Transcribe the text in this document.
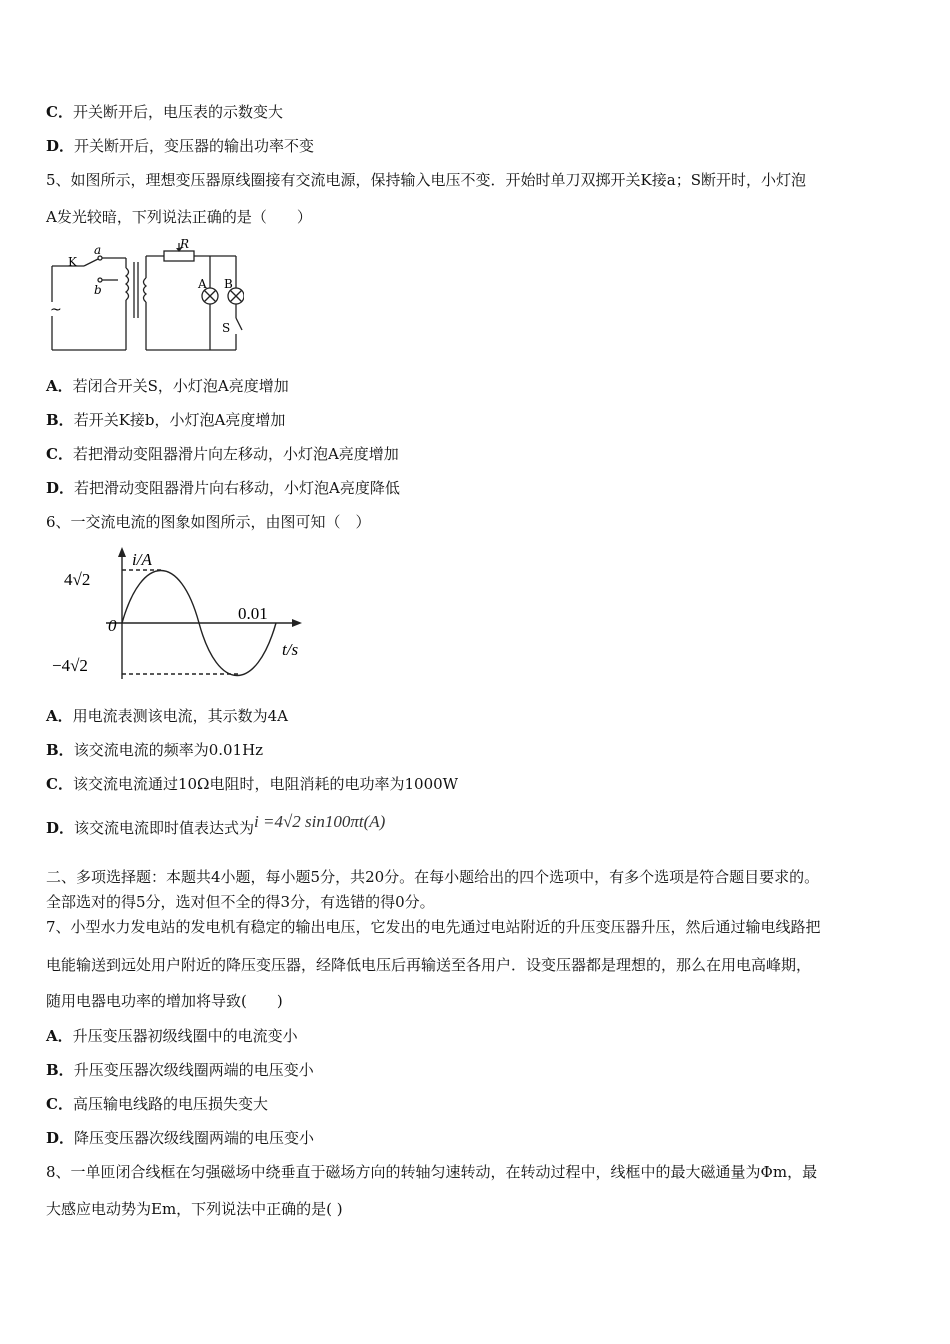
C．开关断开后，电压表的示数变大
D．开关断开后，变压器的输出功率不变
5、如图所示，理想变压器原线圈接有交流电源，保持输入电压不变．开始时单刀双掷开关K接a；S断开时，小灯泡
A发光较暗，下列说法正确的是（　　）
~
K
a
b
R
A B
S
A．若闭合开关S，小灯泡A亮度增加
B．若开关K接b，小灯泡A亮度增加
C．若把滑动变阻器滑片向左移动，小灯泡A亮度增加
D．若把滑动变阻器滑片向右移动，小灯泡A亮度降低
6、一交流电流的图象如图所示，由图可知（　）
i/A
t/s
0
4√2
−4√2
0.01
A．用电流表测该电流，其示数为4A
B．该交流电流的频率为0.01Hz
C．该交流电流通过10Ω电阻时，电阻消耗的电功率为1000W
D．该交流电流即时值表达式为i =4√2 sin100πt(A)
二、多项选择题：本题共4小题，每小题5分，共20分。在每小题给出的四个选项中，有多个选项是符合题目要求的。
全部选对的得5分，选对但不全的得3分，有选错的得0分。
7、小型水力发电站的发电机有稳定的输出电压，它发出的电先通过电站附近的升压变压器升压，然后通过输电线路把
电能输送到远处用户附近的降压变压器，经降低电压后再输送至各用户．设变压器都是理想的，那么在用电高峰期，
随用电器电功率的增加将导致(　　)
A．升压变压器初级线圈中的电流变小
B．升压变压器次级线圈两端的电压变小
C．高压输电线路的电压损失变大
D．降压变压器次级线圈两端的电压变小
8、一单匝闭合线框在匀强磁场中绕垂直于磁场方向的转轴匀速转动，在转动过程中，线框中的最大磁通量为Φm，最
大感应电动势为Em，下列说法中正确的是( )
